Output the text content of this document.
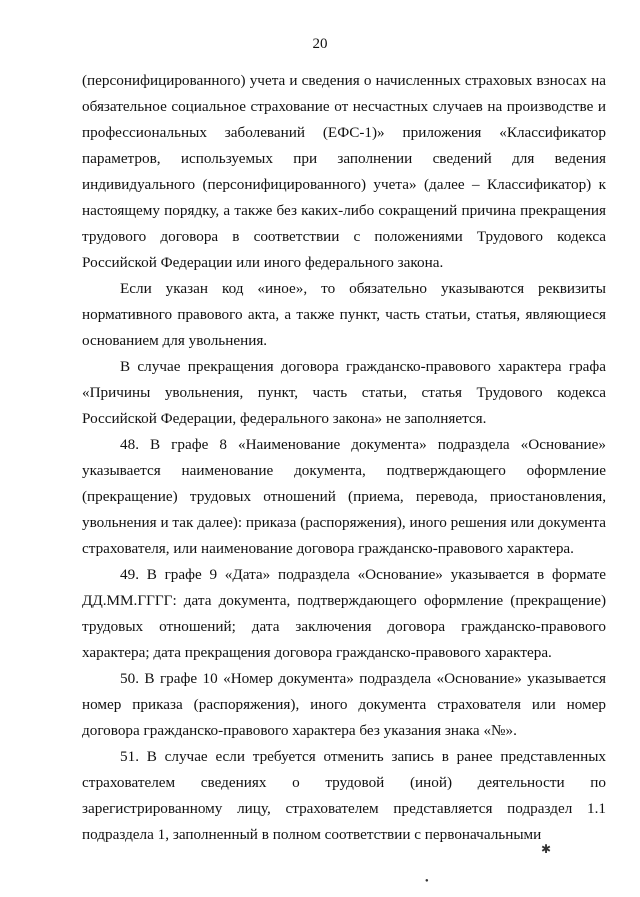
20

(персонифицированного) учета и сведения о начисленных страховых взносах на обязательное социальное страхование от несчастных случаев на производстве и профессиональных заболеваний (ЕФС-1)» приложения «Классификатор параметров, используемых при заполнении сведений для ведения индивидуального (персонифицированного) учета» (далее – Классификатор) к настоящему порядку, а также без каких-либо сокращений причина прекращения трудового договора в соответствии с положениями Трудового кодекса Российской Федерации или иного федерального закона.

Если указан код «иное», то обязательно указываются реквизиты нормативного правового акта, а также пункт, часть статьи, статья, являющиеся основанием для увольнения.

В случае прекращения договора гражданско-правового характера графа «Причины увольнения, пункт, часть статьи, статья Трудового кодекса Российской Федерации, федерального закона» не заполняется.

48. В графе 8 «Наименование документа» подраздела «Основание» указывается наименование документа, подтверждающего оформление (прекращение) трудовых отношений (приема, перевода, приостановления, увольнения и так далее): приказа (распоряжения), иного решения или документа страхователя, или наименование договора гражданско-правового характера.

49. В графе 9 «Дата» подраздела «Основание» указывается в формате ДД.ММ.ГГГГ: дата документа, подтверждающего оформление (прекращение) трудовых отношений; дата заключения договора гражданско-правового характера; дата прекращения договора гражданско-правового характера.

50. В графе 10 «Номер документа» подраздела «Основание» указывается номер приказа (распоряжения), иного документа страхователя или номер договора гражданско-правового характера без указания знака «№».

51. В случае если требуется отменить запись в ранее представленных страхователем сведениях о трудовой (иной) деятельности по зарегистрированному лицу, страхователем представляется подраздел 1.1 подраздела 1, заполненный в полном соответствии с первоначальными

✱
●
